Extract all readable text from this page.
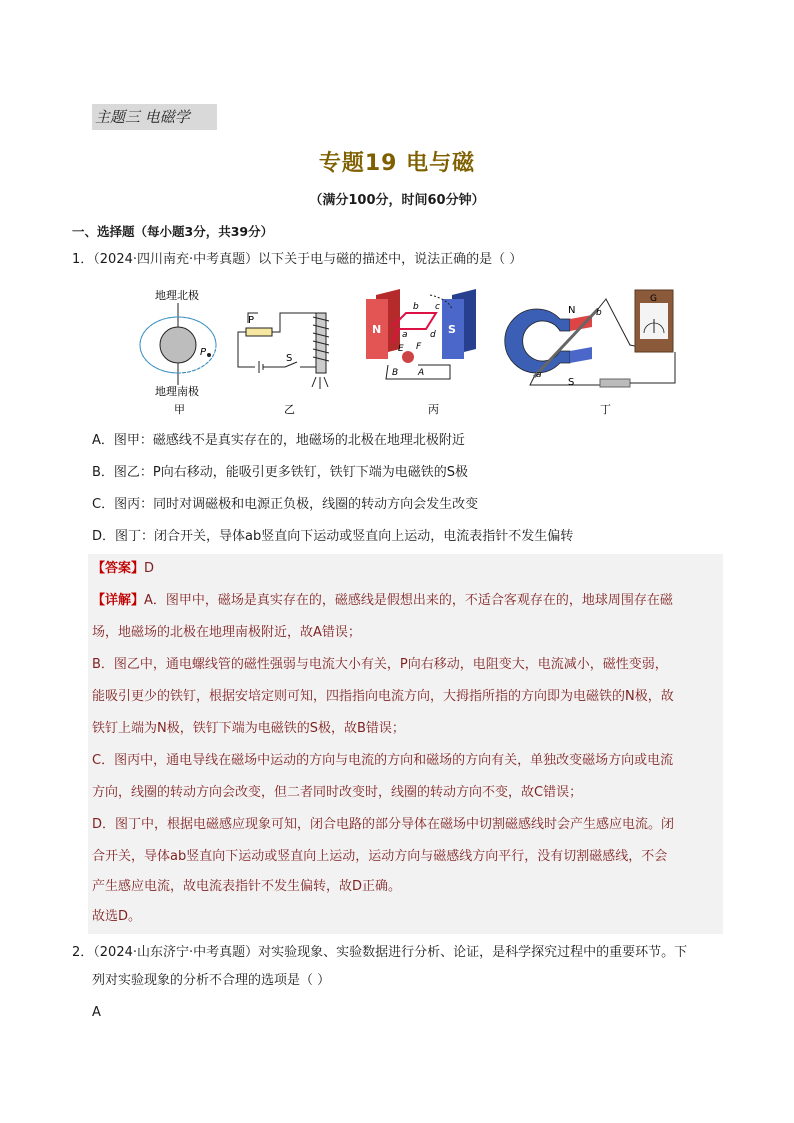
主题三 电磁学
专题19 电与磁
（满分100分，时间60分钟）
一、选择题（每小题3分，共39分）
1．（2024·四川南充·中考真题）以下关于电与磁的描述中，说法正确的是（ ）
地理北极
地理南极
P
甲
P
S
乙
N	S
a
b c
d
E F
B A
丙
N
S
a
b
G
丁
A．图甲：磁感线不是真实存在的，地磁场的北极在地理北极附近
B．图乙：P向右移动，能吸引更多铁钉，铁钉下端为电磁铁的S极
C．图丙：同时对调磁极和电源正负极，线圈的转动方向会发生改变
D．图丁：闭合开关，导体ab竖直向下运动或竖直向上运动，电流表指针不发生偏转
【答案】D
【详解】A．图甲中，磁场是真实存在的，磁感线是假想出来的，不适合客观存在的，地球周围存在磁
场，地磁场的北极在地理南极附近，故A错误；
B．图乙中，通电螺线管的磁性强弱与电流大小有关，P向右移动，电阻变大，电流减小，磁性变弱，
能吸引更少的铁钉，根据安培定则可知，四指指向电流方向，大拇指所指的方向即为电磁铁的N极，故
铁钉上端为N极，铁钉下端为电磁铁的S极，故B错误；
C．图丙中，通电导线在磁场中运动的方向与电流的方向和磁场的方向有关，单独改变磁场方向或电流
方向，线圈的转动方向会改变，但二者同时改变时，线圈的转动方向不变，故C错误；
D．图丁中，根据电磁感应现象可知，闭合电路的部分导体在磁场中切割磁感线时会产生感应电流。闭
合开关，导体ab竖直向下运动或竖直向上运动，运动方向与磁感线方向平行，没有切割磁感线，不会
产生感应电流，故电流表指针不发生偏转，故D正确。
故选D。
2．（2024·山东济宁·中考真题）对实验现象、实验数据进行分析、论证，是科学探究过程中的重要环节。下
列对实验现象的分析不合理的选项是（ ）
A
